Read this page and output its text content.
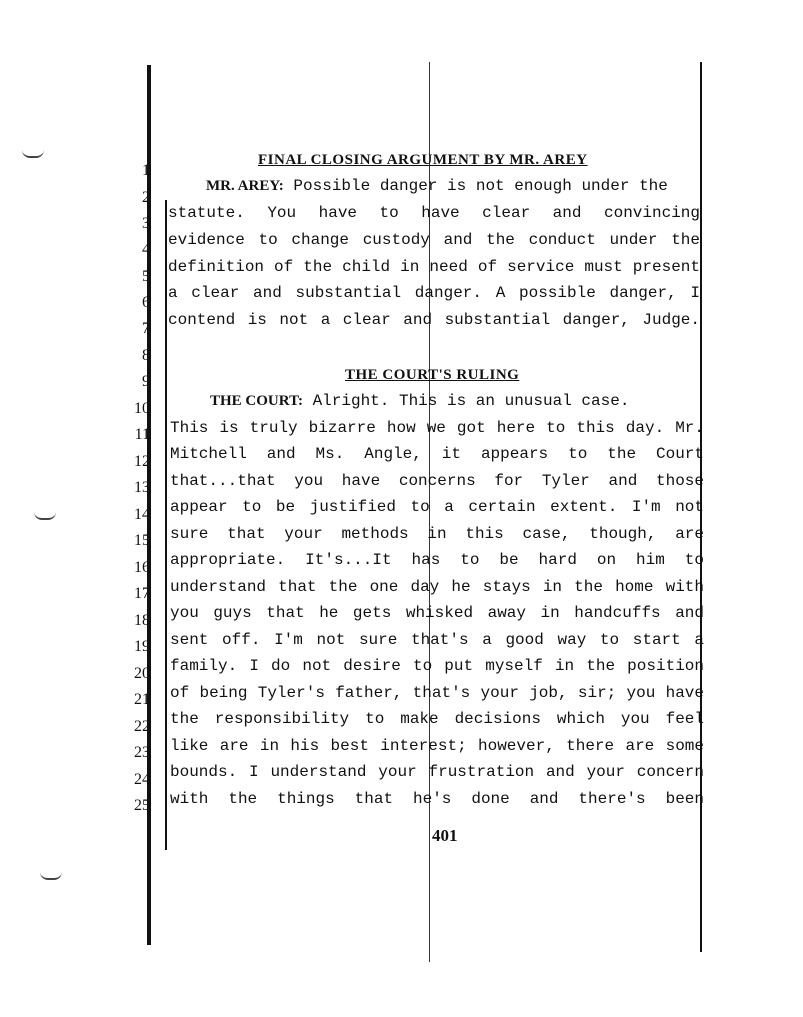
1
2
3
4
5
6
7
8
9
10
11
12
13
14
15
16
17
18
19
20
21
22
23
24
25
FINAL CLOSING ARGUMENT BY MR. AREY
THE COURT'S RULING
MR. AREY: Possible danger is not enough under the
statute. You have to have clear and convincing
evidence to change custody and the conduct under the
definition of the child in need of service must present
a clear and substantial danger. A possible danger, I
contend is not a clear and substantial danger, Judge.
THE COURT: Alright. This is an unusual case.
This is truly bizarre how we got here to this day. Mr.
Mitchell and Ms. Angle, it appears to the Court
that...that you have concerns for Tyler and those
appear to be justified to a certain extent. I'm not
sure that your methods in this case, though, are
appropriate. It's...It has to be hard on him to
understand that the one day he stays in the home with
you guys that he gets whisked away in handcuffs and
sent off. I'm not sure that's a good way to start a
family. I do not desire to put myself in the position
of being Tyler's father, that's your job, sir; you have
the responsibility to make decisions which you feel
like are in his best interest; however, there are some
bounds. I understand your frustration and your concern
with the things that he's done and there's been
401
